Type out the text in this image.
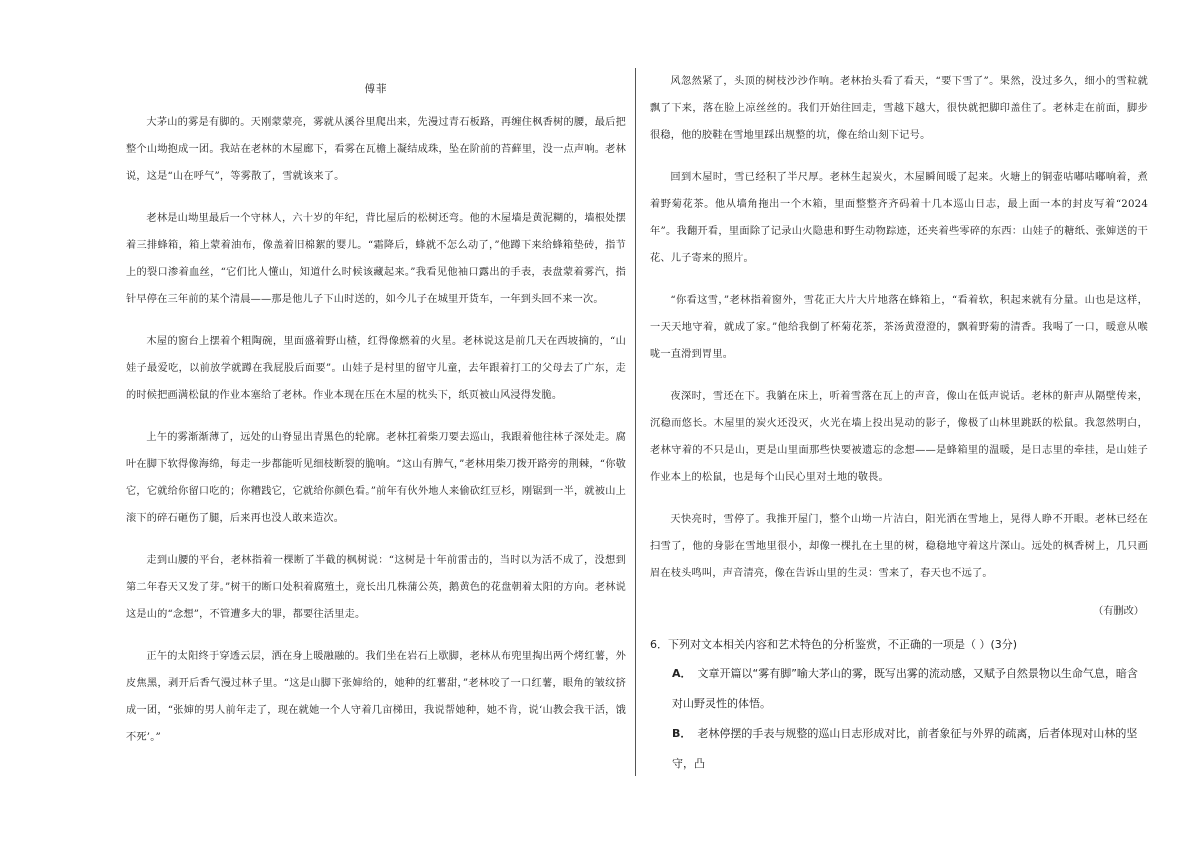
傅菲

大茅山的雾是有脚的。天刚蒙蒙亮，雾就从溪谷里爬出来，先漫过青石板路，再缠住枫香树的腰，最后把整个山坳抱成一团。我站在老林的木屋廊下，看雾在瓦檐上凝结成珠，坠在阶前的苔藓里，没一点声响。老林说，这是“山在呼气”，等雾散了，雪就该来了。

老林是山坳里最后一个守林人，六十岁的年纪，背比屋后的松树还弯。他的木屋墙是黄泥糊的，墙根处摆着三排蜂箱，箱上蒙着油布，像盖着旧棉絮的婴儿。“霜降后，蜂就不怎么动了，”他蹲下来给蜂箱垫砖，指节上的裂口渗着血丝，“它们比人懂山，知道什么时候该藏起来。”我看见他袖口露出的手表，表盘蒙着雾汽，指针早停在三年前的某个清晨——那是他儿子下山时送的，如今儿子在城里开货车，一年到头回不来一次。

木屋的窗台上摆着个粗陶碗，里面盛着野山楂，红得像燃着的火星。老林说这是前几天在西坡摘的，“山娃子最爱吃，以前放学就蹲在我屁股后面要”。山娃子是村里的留守儿童，去年跟着打工的父母去了广东，走的时候把画满松鼠的作业本塞给了老林。作业本现在压在木屋的枕头下，纸页被山风浸得发脆。

上午的雾渐渐薄了，远处的山脊显出青黑色的轮廓。老林扛着柴刀要去巡山，我跟着他往林子深处走。腐叶在脚下软得像海绵，每走一步都能听见细枝断裂的脆响。“这山有脾气，”老林用柴刀拨开路旁的荆棘，“你敬它，它就给你留口吃的；你糟践它，它就给你颜色看。”前年有伙外地人来偷砍红豆杉，刚锯到一半，就被山上滚下的碎石砸伤了腿，后来再也没人敢来造次。

走到山腰的平台，老林指着一棵断了半截的枫树说：“这树是十年前雷击的，当时以为活不成了，没想到第二年春天又发了芽。”树干的断口处积着腐殖土，竟长出几株蒲公英，鹅黄色的花盘朝着太阳的方向。老林说这是山的“念想”，不管遭多大的罪，都要往活里走。

正午的太阳终于穿透云层，洒在身上暖融融的。我们坐在岩石上歇脚，老林从布兜里掏出两个烤红薯，外皮焦黑，剥开后香气漫过林子里。“这是山脚下张婶给的，她种的红薯甜，”老林咬了一口红薯，眼角的皱纹挤成一团，“张婶的男人前年走了，现在就她一个人守着几亩梯田，我说帮她种，她不肯，说‘山教会我干活，饿不死’。”

风忽然紧了，头顶的树枝沙沙作响。老林抬头看了看天，“要下雪了”。果然，没过多久，细小的雪粒就飘了下来，落在脸上凉丝丝的。我们开始往回走，雪越下越大，很快就把脚印盖住了。老林走在前面，脚步很稳，他的胶鞋在雪地里踩出规整的坑，像在给山刻下记号。

回到木屋时，雪已经积了半尺厚。老林生起炭火，木屋瞬间暖了起来。火塘上的铜壶咕嘟咕嘟响着，煮着野菊花茶。他从墙角拖出一个木箱，里面整整齐齐码着十几本巡山日志，最上面一本的封皮写着“2024年”。我翻开看，里面除了记录山火隐患和野生动物踪迹，还夹着些零碎的东西：山娃子的糖纸、张婶送的干花、儿子寄来的照片。

“你看这雪，”老林指着窗外，雪花正大片大片地落在蜂箱上，“看着软，积起来就有分量。山也是这样，一天天地守着，就成了家。”他给我倒了杯菊花茶，茶汤黄澄澄的，飘着野菊的清香。我喝了一口，暖意从喉咙一直滑到胃里。

夜深时，雪还在下。我躺在床上，听着雪落在瓦上的声音，像山在低声说话。老林的鼾声从隔壁传来，沉稳而悠长。木屋里的炭火还没灭，火光在墙上投出晃动的影子，像极了山林里跳跃的松鼠。我忽然明白，老林守着的不只是山，更是山里面那些快要被遗忘的念想——是蜂箱里的温暖，是日志里的牵挂，是山娃子作业本上的松鼠，也是每个山民心里对土地的敬畏。

天快亮时，雪停了。我推开屋门，整个山坳一片洁白，阳光洒在雪地上，晃得人睁不开眼。老林已经在扫雪了，他的身影在雪地里很小，却像一棵扎在土里的树，稳稳地守着这片深山。远处的枫香树上，几只画眉在枝头鸣叫，声音清亮，像在告诉山里的生灵：雪来了，春天也不远了。

（有删改）

6．下列对文本相关内容和艺术特色的分析鉴赏，不正确的一项是（ ）(3分)

A． 文章开篇以“雾有脚”喻大茅山的雾，既写出雾的流动感，又赋予自然景物以生命气息，暗含对山野灵性的体悟。

B． 老林停摆的手表与规整的巡山日志形成对比，前者象征与外界的疏离，后者体现对山林的坚守，凸
